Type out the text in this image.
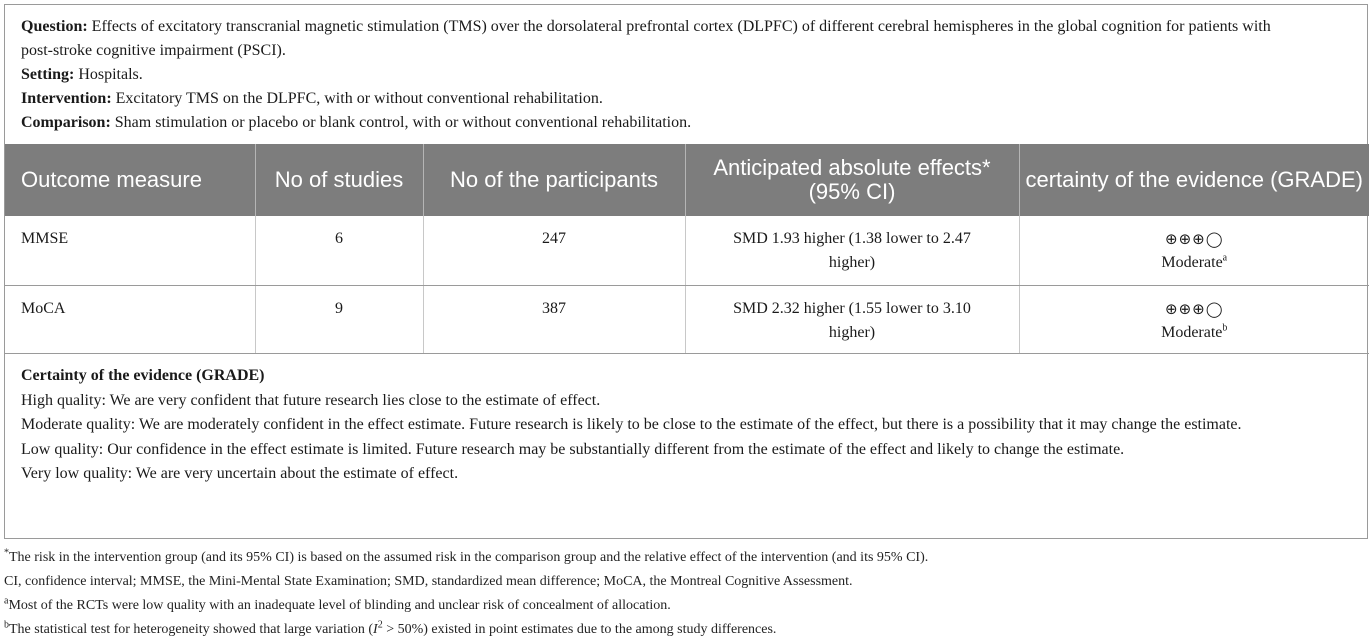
Question: Effects of excitatory transcranial magnetic stimulation (TMS) over the dorsolateral prefrontal cortex (DLPFC) of different cerebral hemispheres in the global cognition for patients with post-stroke cognitive impairment (PSCI).

Setting: Hospitals.

Intervention: Excitatory TMS on the DLPFC, with or without conventional rehabilitation.

Comparison: Sham stimulation or placebo or blank control, with or without conventional rehabilitation.

Outcome measure	No of studies	No of the participants	Anticipated absolute effects* (95% CI)	certainty of the evidence (GRADE)
MMSE	6	247	SMD 1.93 higher (1.38 lower to 2.47 higher)	⊕⊕⊕◯
Moderate$^a$

MoCA	9	387	SMD 2.32 higher (1.55 lower to 3.10 higher)	⊕⊕⊕◯
Moderate$^b$

Certainty of the evidence (GRADE)

High quality: We are very confident that future research lies close to the estimate of effect.

Moderate quality: We are moderately confident in the effect estimate. Future research is likely to be close to the estimate of the effect, but there is a possibility that it may change the estimate.

Low quality: Our confidence in the effect estimate is limited. Future research may be substantially different from the estimate of the effect and likely to change the estimate.

Very low quality: We are very uncertain about the estimate of effect.

*The risk in the intervention group (and its 95% CI) is based on the assumed risk in the comparison group and the relative effect of the intervention (and its 95% CI).

CI, confidence interval; MMSE, the Mini-Mental State Examination; SMD, standardized mean difference; MoCA, the Montreal Cognitive Assessment.

$^a$Most of the RCTs were low quality with an inadequate level of blinding and unclear risk of concealment of allocation.

$^b$The statistical test for heterogeneity showed that large variation $(I^2 > 50\%)$ existed in point estimates due to the among study differences.
